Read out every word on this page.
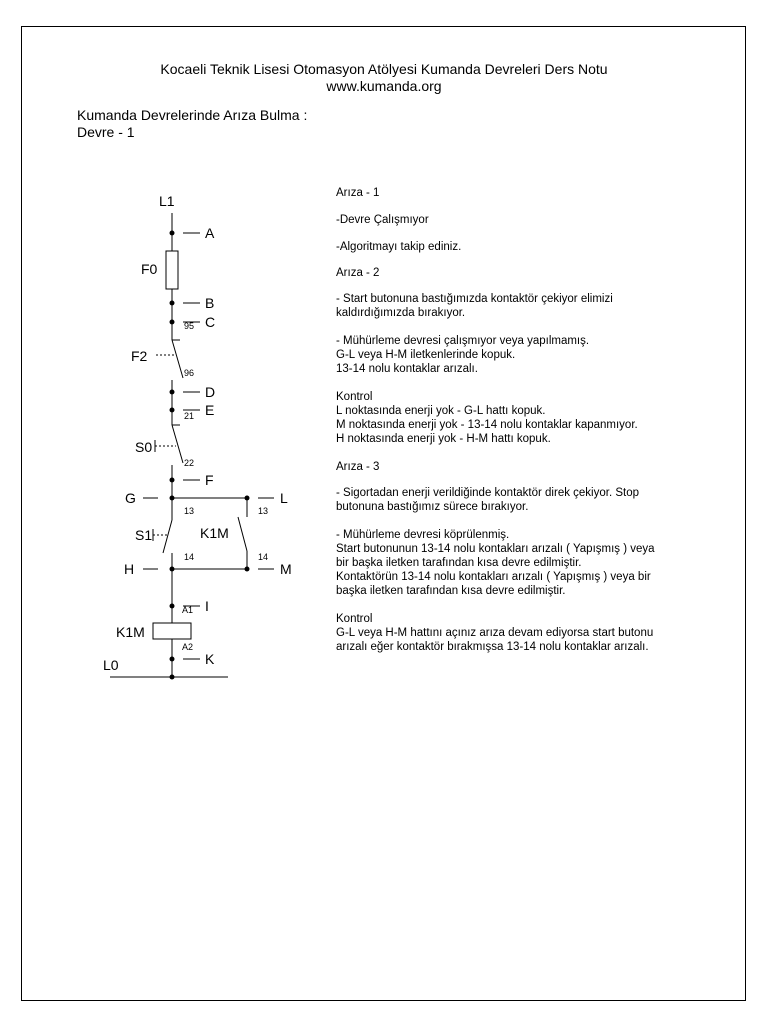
Kocaeli Teknik Lisesi Otomasyon Atölyesi Kumanda Devreleri Ders Notu
www.kumanda.org
Kumanda Devrelerinde Arıza Bulma :
Devre - 1
L1
A
F0
B
C
F2
D
E
S0
F
G	L
S1	K1M
H	M
I
K1M
K
L0
95
96
21
22
13	13
14	14
A1
A2

Arıza - 1

-Devre Çalışmıyor

-Algoritmayı takip ediniz.

Arıza - 2

- Start butonuna bastığımızda kontaktör çekiyor elimizi

kaldırdığımızda bırakıyor.

- Mühürleme devresi çalışmıyor veya yapılmamış.

G-L veya H-M iletkenlerinde kopuk.

13-14 nolu kontaklar arızalı.

Kontrol

L noktasında enerji yok - G-L hattı kopuk.

M noktasında enerji yok - 13-14 nolu kontaklar kapanmıyor.

H noktasında enerji yok - H-M hattı kopuk.

Arıza - 3

- Sigortadan enerji verildiğinde kontaktör direk çekiyor. Stop

butonuna bastığımız sürece bırakıyor.

- Mühürleme devresi köprülenmiş.

Start butonunun 13-14 nolu kontakları arızalı ( Yapışmış ) veya

bir başka iletken tarafından kısa devre edilmiştir.

Kontaktörün 13-14 nolu kontakları arızalı ( Yapışmış ) veya bir

başka iletken tarafından kısa devre edilmiştir.

Kontrol

G-L veya H-M hattını açınız arıza devam ediyorsa start butonu

arızalı eğer kontaktör bırakmışsa 13-14 nolu kontaklar arızalı.
